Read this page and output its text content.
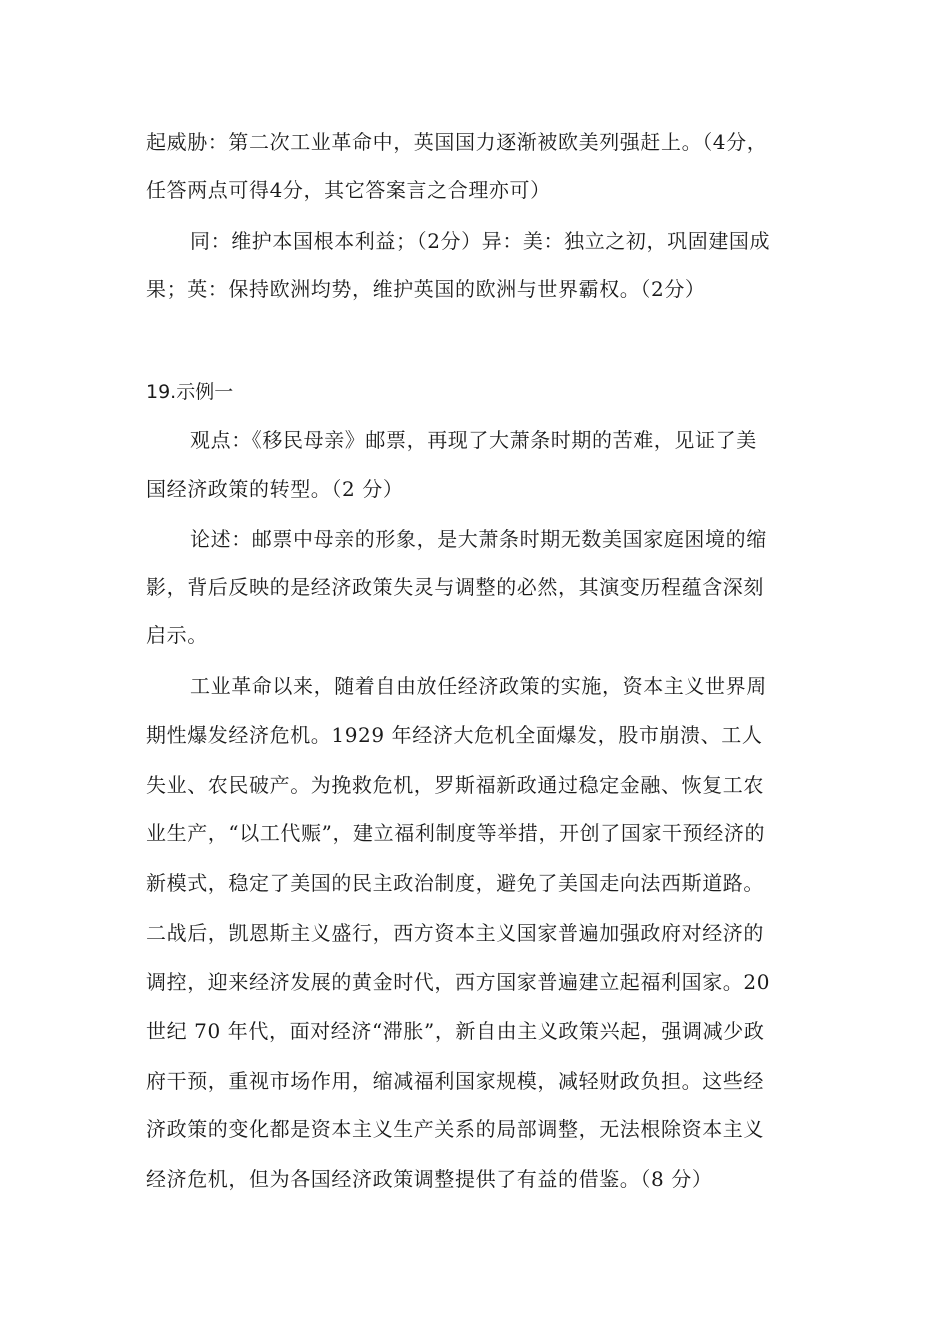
起威胁：第二次工业革命中，英国国力逐渐被欧美列强赶上。（4分，
任答两点可得4分，其它答案言之合理亦可）
同：维护本国根本利益；（2分）异：美：独立之初，巩固建国成
果；英：保持欧洲均势，维护英国的欧洲与世界霸权。（2分）
19.示例一
观点：《移民母亲》邮票，再现了大萧条时期的苦难，见证了美
国经济政策的转型。（2 分）
论述：邮票中母亲的形象，是大萧条时期无数美国家庭困境的缩
影，背后反映的是经济政策失灵与调整的必然，其演变历程蕴含深刻
启示。
工业革命以来，随着自由放任经济政策的实施，资本主义世界周
期性爆发经济危机。1929 年经济大危机全面爆发，股市崩溃、工人
失业、农民破产。为挽救危机，罗斯福新政通过稳定金融、恢复工农
业生产，“以工代赈”，建立福利制度等举措，开创了国家干预经济的
新模式，稳定了美国的民主政治制度，避免了美国走向法西斯道路。
二战后，凯恩斯主义盛行，西方资本主义国家普遍加强政府对经济的
调控，迎来经济发展的黄金时代，西方国家普遍建立起福利国家。20
世纪 70 年代，面对经济“滞胀”，新自由主义政策兴起，强调减少政
府干预，重视市场作用，缩减福利国家规模，减轻财政负担。这些经
济政策的变化都是资本主义生产关系的局部调整，无法根除资本主义
经济危机，但为各国经济政策调整提供了有益的借鉴。（8 分）
